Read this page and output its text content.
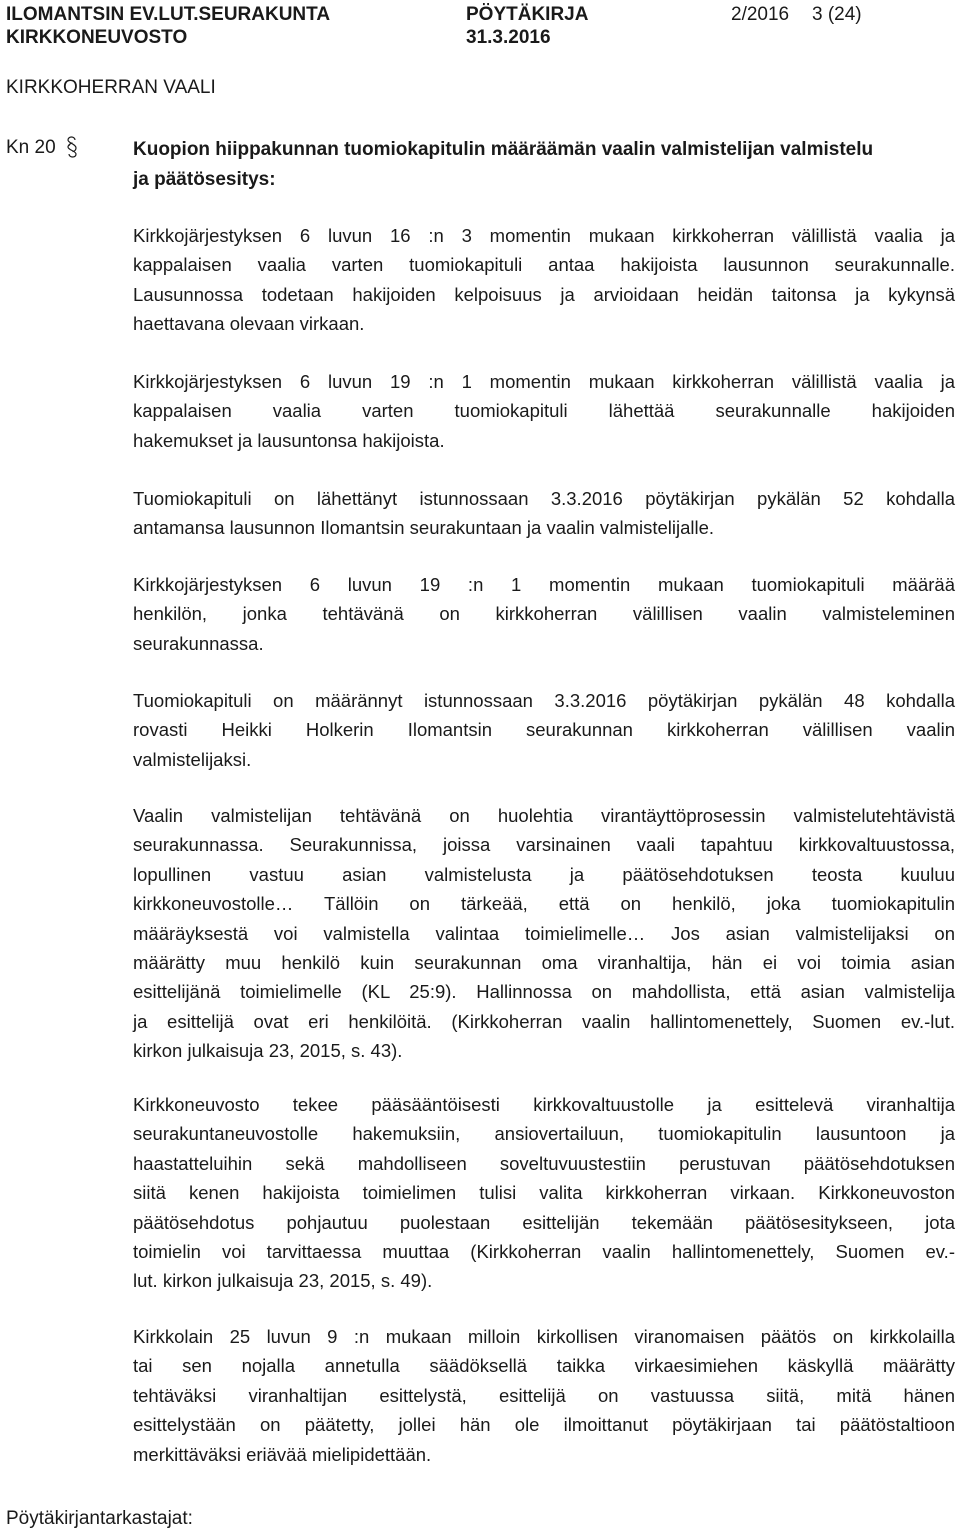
ILOMANTSIN EV.LUT.SEURAKUNTA
KIRKKONEUVOSTO
PÖYTÄKIRJA
31.3.2016
2/2016 3 (24)
KIRKKOHERRAN VAALI
Kn 20	Kuopion hiippakunnan tuomiokapitulin määräämän vaalin valmistelijan valmistelu
ja päätösesitys:
Kirkkojärjestyksen 6 luvun 16 :n 3 momentin mukaan kirkkoherran välillistä vaalia ja
kappalaisen vaalia varten tuomiokapituli antaa hakijoista lausunnon seurakunnalle.
Lausunnossa todetaan hakijoiden kelpoisuus ja arvioidaan heidän taitonsa ja kykynsä
haettavana olevaan virkaan.
Kirkkojärjestyksen 6 luvun 19 :n 1 momentin mukaan kirkkoherran välillistä vaalia ja
kappalaisen vaalia varten tuomiokapituli lähettää seurakunnalle hakijoiden
hakemukset ja lausuntonsa hakijoista.
Tuomiokapituli on lähettänyt istunnossaan 3.3.2016 pöytäkirjan pykälän 52 kohdalla
antamansa lausunnon Ilomantsin seurakuntaan ja vaalin valmistelijalle.
Kirkkojärjestyksen 6 luvun 19 :n 1 momentin mukaan tuomiokapituli määrää
henkilön, jonka tehtävänä on kirkkoherran välillisen vaalin valmisteleminen
seurakunnassa.
Tuomiokapituli on määrännyt istunnossaan 3.3.2016 pöytäkirjan pykälän 48 kohdalla
rovasti Heikki Holkerin Ilomantsin seurakunnan kirkkoherran välillisen vaalin
valmistelijaksi.
Vaalin valmistelijan tehtävänä on huolehtia virantäyttöprosessin valmistelutehtävistä
seurakunnassa. Seurakunnissa, joissa varsinainen vaali tapahtuu kirkkovaltuustossa,
lopullinen vastuu asian valmistelusta ja päätösehdotuksen teosta kuuluu
kirkkoneuvostolle… Tällöin on tärkeää, että on henkilö, joka tuomiokapitulin
määräyksestä voi valmistella valintaa toimielimelle… Jos asian valmistelijaksi on
määrätty muu henkilö kuin seurakunnan oma viranhaltija, hän ei voi toimia asian
esittelijänä toimielimelle (KL 25:9). Hallinnossa on mahdollista, että asian valmistelija
ja esittelijä ovat eri henkilöitä. (Kirkkoherran vaalin hallintomenettely, Suomen ev.-lut.
kirkon julkaisuja 23, 2015, s. 43).
Kirkkoneuvosto tekee pääsääntöisesti kirkkovaltuustolle ja esittelevä viranhaltija
seurakuntaneuvostolle hakemuksiin, ansiovertailuun, tuomiokapitulin lausuntoon ja
haastatteluihin sekä mahdolliseen soveltuvuustestiin perustuvan päätösehdotuksen
siitä kenen hakijoista toimielimen tulisi valita kirkkoherran virkaan. Kirkkoneuvoston
päätösehdotus pohjautuu puolestaan esittelijän tekemään päätösesitykseen, jota
toimielin voi tarvittaessa muuttaa (Kirkkoherran vaalin hallintomenettely, Suomen ev.-
lut. kirkon julkaisuja 23, 2015, s. 49).
Kirkkolain 25 luvun 9 :n mukaan milloin kirkollisen viranomaisen päätös on kirkkolailla
tai sen nojalla annetulla säädöksellä taikka virkaesimiehen käskyllä määrätty
tehtäväksi viranhaltijan esittelystä, esittelijä on vastuussa siitä, mitä hänen
esittelystään on päätetty, jollei hän ole ilmoittanut pöytäkirjaan tai päätöstaltioon
merkittäväksi eriävää mielipidettään.
Pöytäkirjantarkastajat:
